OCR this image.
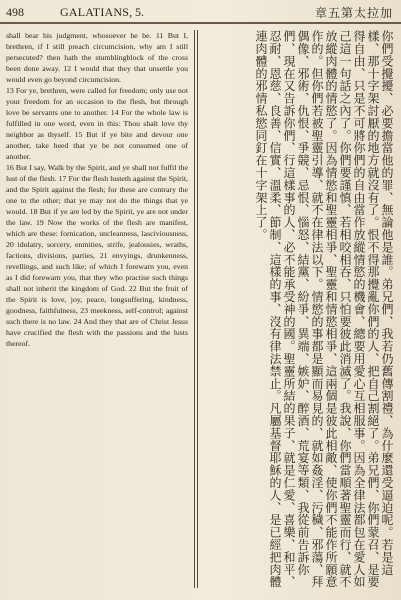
498	GALATIANS, 5.	章五第太拉加

shall bear his judgment, whosoever he be. 11 But I, brethren, if I still preach circumcision, why am I still persecuted? then hath the stumblingblock of the cross been done away. 12 I would that they that unsettle you would even go beyond circumcision.
13 For ye, brethren, were called for freedom; only use not your freedom for an occasion to the flesh, but through love be servants one to another. 14 For the whole law is fulfilled in one word, even in this: Thou shalt love thy neighbor as thyself. 15 But if ye bite and devour one another, take heed that ye be not consumed one of another.
16 But I say, Walk by the Spirit, and ye shall not fulfil the lust of the flesh. 17 For the flesh lusteth against the Spirit, and the Spirit against the flesh; for these are contrary the one to the other; that ye may not do the things that ye would. 18 But if ye are led by the Spirit, ye are not under the law. 19 Now the works of the flesh are manifest, which are these: fornication, uncleanness, lasciviousness, 20 idolatry, sorcery, enmities, strife, jealousies, wraths, factions, divisions, parties, 21 envyings, drunkenness, revellings, and such like; of which I forewarn you, even as I did forewarn you, that they who practise such things shall not inherit the kingdom of God. 22 But the fruit of the Spirit is love, joy, peace, longsuffering, kindness, goodness, faithfulness, 23 meekness, self-control; against such there is no law. 24 And they that are of Christ Jesus have crucified the flesh with the passions and the lusts thereof.	你們受攪擾、必要擔當他的罪、無論他是誰。弟兄們、我若仍舊傳割禮、為什麼還受逼迫呢。若是這樣、那十字架討厭的地方就沒有了。恨不得那攪亂你們的人、把自己割絕了。弟兄們、你們蒙召、是要得自由、只是不可將你們的自由當作放縱情慾的機會、總要用愛心互相服事。因為全律法都包在愛人如己這一句話之內了。你們要謹慎、若相咬相吞、只怕要彼此消滅了。我說、你們當順著聖靈而行、就不放縱肉體的情慾了。因為情慾和聖靈相爭、聖靈和情慾相爭、這兩個是彼此相敵、使你們不能作所願意作的。但你們若被聖靈引導、就不在律法以下。情慾的事都是顯而易見的、就如姦淫、污穢、邪蕩、拜偶像、邪術、仇恨、爭競、忌恨、惱怒、結黨、紛爭、異端、嫉妒、醉酒、荒宴等類、我從前告訴你們、現在又告訴你們、行這樣事的人、必不能承受神的國。聖靈所結的果子、就是仁愛、喜樂、和平、忍耐、恩慈、良善、信實、溫柔、節制、這樣的事、沒有律法禁止。凡屬基督耶穌的人、是已經把肉體連肉體的邪情私慾同釘在十字架上了。
